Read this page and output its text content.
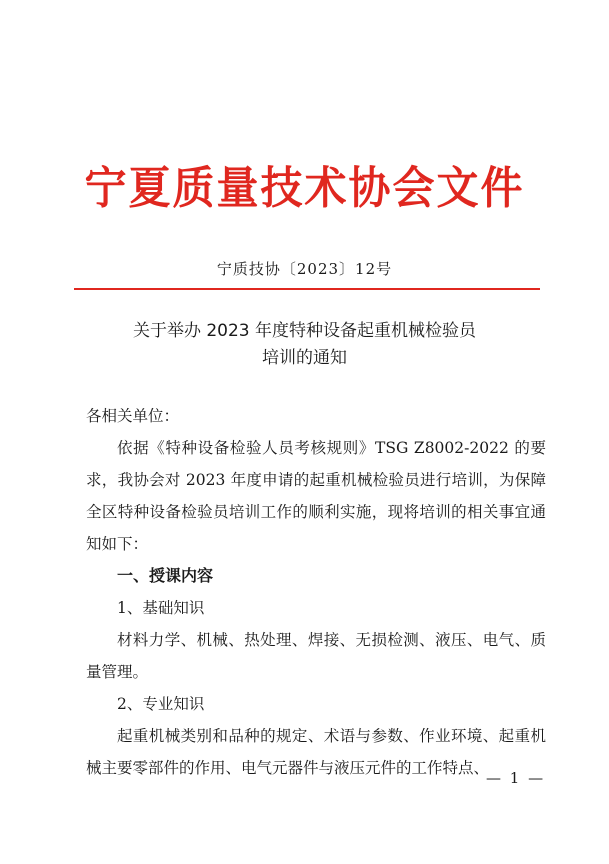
宁夏质量技术协会文件
宁质技协〔2023〕12号
关于举办 2023 年度特种设备起重机械检验员
培训的通知

各相关单位：

依据《特种设备检验人员考核规则》TSG Z8002-2022 的要求，我协会对 2023 年度申请的起重机械检验员进行培训，为保障全区特种设备检验员培训工作的顺利实施，现将培训的相关事宜通知如下：

一、授课内容

1、基础知识

材料力学、机械、热处理、焊接、无损检测、液压、电气、质量管理。

2、专业知识

起重机械类别和品种的规定、术语与参数、作业环境、起重机械主要零部件的作用、电气元器件与液压元件的工作特点、

— 1 —
